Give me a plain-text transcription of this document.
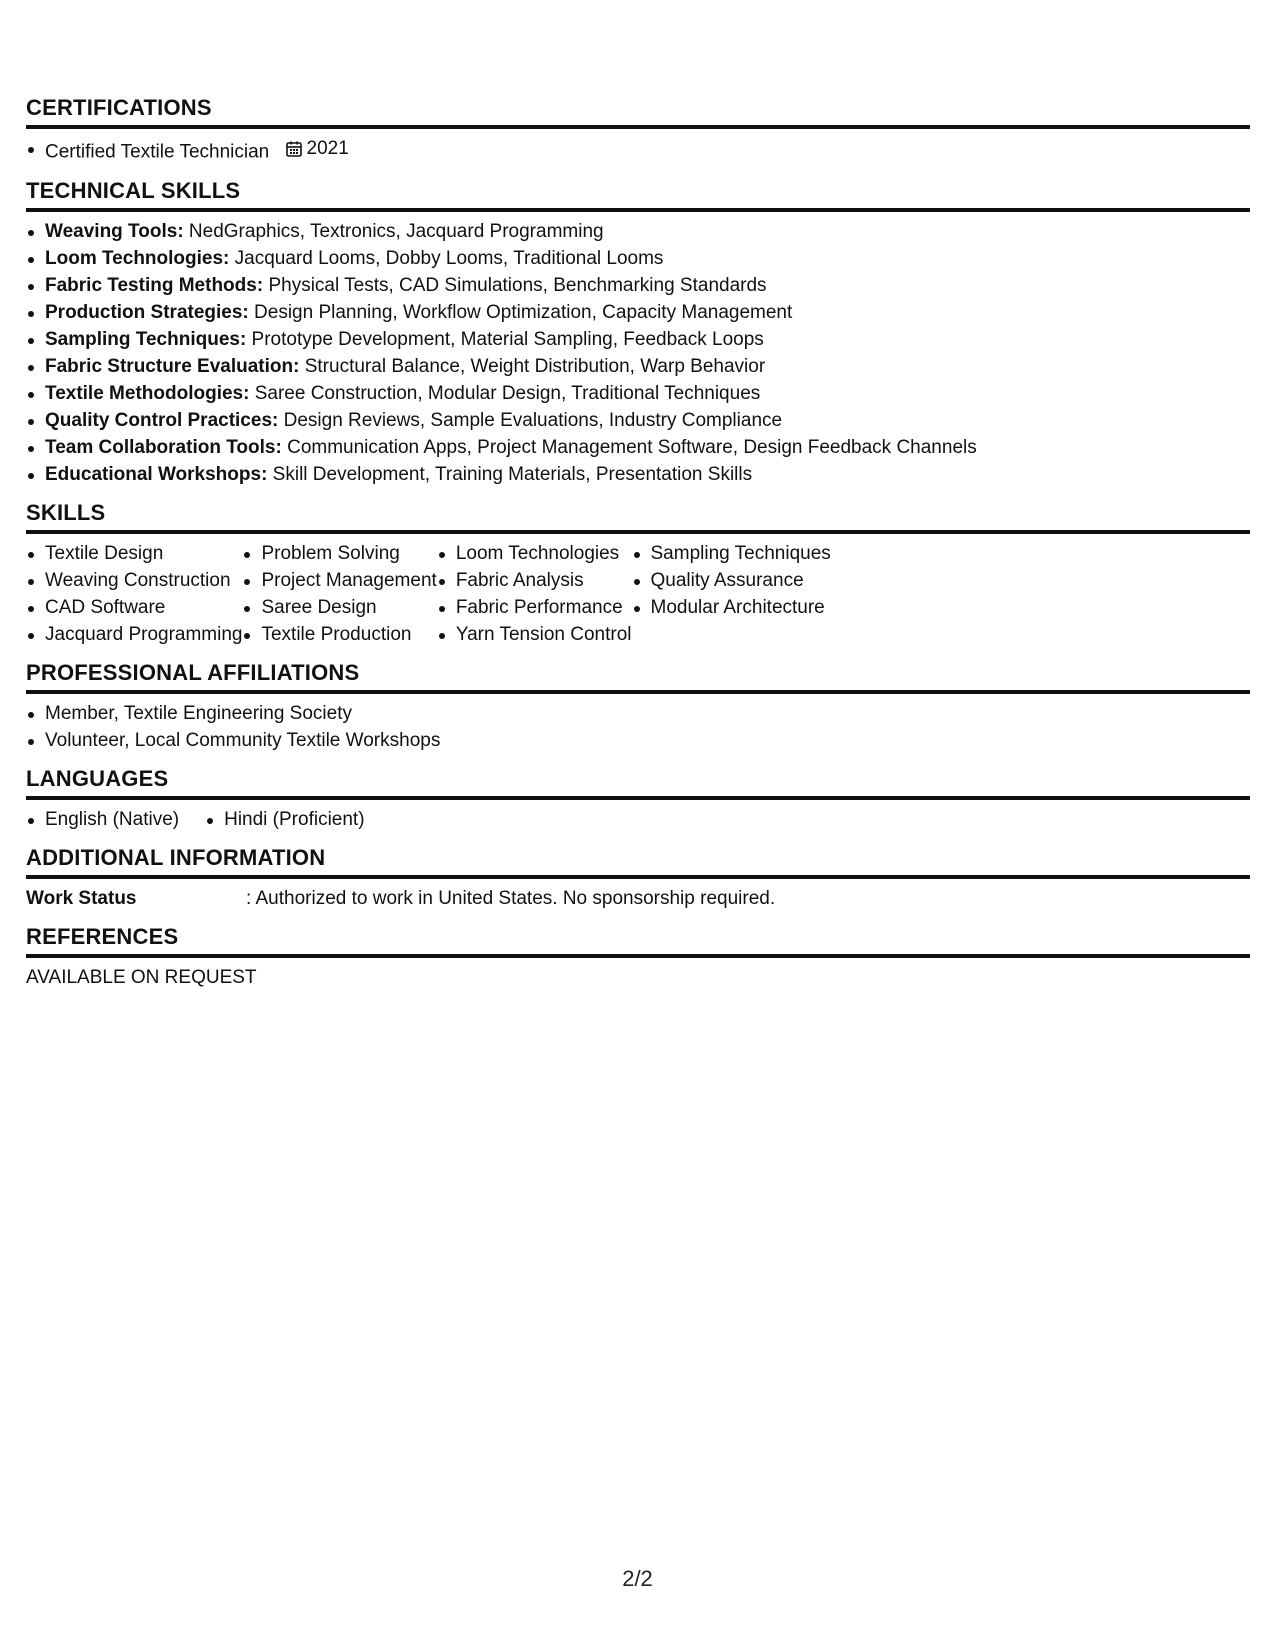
CERTIFICATIONS
Certified Textile Technician 2021
TECHNICAL SKILLS
Weaving Tools: NedGraphics, Textronics, Jacquard Programming
Loom Technologies: Jacquard Looms, Dobby Looms, Traditional Looms
Fabric Testing Methods: Physical Tests, CAD Simulations, Benchmarking Standards
Production Strategies: Design Planning, Workflow Optimization, Capacity Management
Sampling Techniques: Prototype Development, Material Sampling, Feedback Loops
Fabric Structure Evaluation: Structural Balance, Weight Distribution, Warp Behavior
Textile Methodologies: Saree Construction, Modular Design, Traditional Techniques
Quality Control Practices: Design Reviews, Sample Evaluations, Industry Compliance
Team Collaboration Tools: Communication Apps, Project Management Software, Design Feedback Channels
Educational Workshops: Skill Development, Training Materials, Presentation Skills
SKILLS
Textile Design
Weaving Construction
CAD Software
Jacquard Programming
Problem Solving
Project Management
Saree Design
Textile Production
Loom Technologies
Fabric Analysis
Fabric Performance
Yarn Tension Control
Sampling Techniques
Quality Assurance
Modular Architecture
PROFESSIONAL AFFILIATIONS
Member, Textile Engineering Society
Volunteer, Local Community Textile Workshops
LANGUAGES
English (Native)	Hindi (Proficient)
ADDITIONAL INFORMATION
Work Status	: Authorized to work in United States. No sponsorship required.
REFERENCES
AVAILABLE ON REQUEST
2/2
